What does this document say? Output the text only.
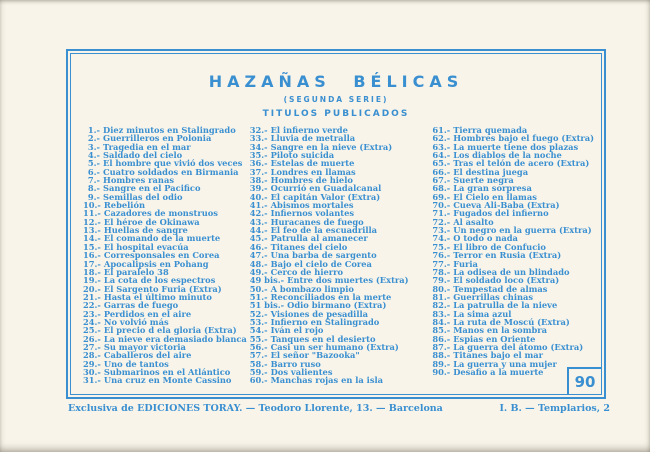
HAZAÑAS BÉLICAS
(SEGUNDA SERIE)
TITULOS PUBLICADOS
1.- Diez minutos en Stalingrado
2.- Guerrilleros en Polonia
3.- Tragedia en el mar
4.- Saldado del cielo
5.- El hombre que vivió dos veces
6.- Cuatro soldados en Birmania
7.- Hombres ranas
8.- Sangre en el Pacifico
9.- Semillas del odio
10.- Rebelión
11.- Cazadores de monstruos
12.- El héroe de Okinawa
13.- Huellas de sangre
14.- El comando de la muerte
15.- El hospital evacúa
16.- Corresponsales en Corea
17.- Apocalipsis en Pohang
18.- El paralelo 38
19.- La cota de los espectros
20.- El Sargento Furia (Extra)
21.- Hasta el último minuto
22.- Garras de fuego
23.- Perdidos en el aire
24.- No volvió más
25.- El precio d ela gloria (Extra)
26.- La nieve era demasiado blanca
27.- Su mayor victoria
28.- Caballeros del aire
29.- Uno de tantos
30.- Submarinos en el Atlántico
31.- Una cruz en Monte Cassino
32.- El infierno verde
33.- Lluvia de metralla
34.- Sangre en la nieve (Extra)
35.- Piloto suicida
36.- Estelas de muerte
37.- Londres en llamas
38.- Hombres de hielo
39.- Ocurrió en Guadalcanal
40.- El capitán Valor (Extra)
41.- Abismos mortales
42.- Infiernos volantes
43.- Huracanes de fuego
44.- El feo de la escuadrilla
45.- Patrulla al amanecer
46.- Titanes del cielo
47.- Una barba de sargento
48.- Bajo el cielo de Corea
49.- Cerco de hierro
49 bis.- Entre dos muertes (Extra)
50.- A bombazo limpio
51.- Reconciliados en la merte
51 bis.- Odio birmano (Extra)
52.- Visiones de pesadilla
53.- Infierno en Stalingrado
54.- Iván el rojo
55.- Tanques en el desierto
56.- Casi un ser humano (Extra)
57.- El señor "Bazooka"
58.- Barro ruso
59.- Dos valientes
60.- Manchas rojas en la isla
61.- Tierra quemada
62.- Hombres bajo el fuego (Extra)
63.- La muerte tiene dos plazas
64.- Los diablos de la noche
65.- Tras el telón de acero (Extra)
66.- El destina juega
67.- Suerte negra
68.- La gran sorpresa
69.- El Cielo en llamas
70.- Cueva Ali-Baba (Extra)
71.- Fugados del infierno
72.- Al asalto
73.- Un negro en la guerra (Extra)
74.- O todo o nada
75.- El libro de Confucio
76.- Terror en Rusia (Extra)
77.- Furia
78.- La odisea de un blindado
79.- El soldado loco (Extra)
80.- Tempestad de almas
81.- Guerrillas chinas
82.- La patrulla de la nieve
83.- La sima azul
84.- La ruta de Moscú (Extra)
85.- Manos en la sombra
86.- Espias en Oriente
87.- La guerra del átomo (Extra)
88.- Titanes bajo el mar
89.- La guerra y una mujer
90.- Desafio a la muerte
90
Exclusiva de EDICIONES TORAY. — Teodoro Llorente, 13. — Barcelona	I. B. — Templarios, 2
